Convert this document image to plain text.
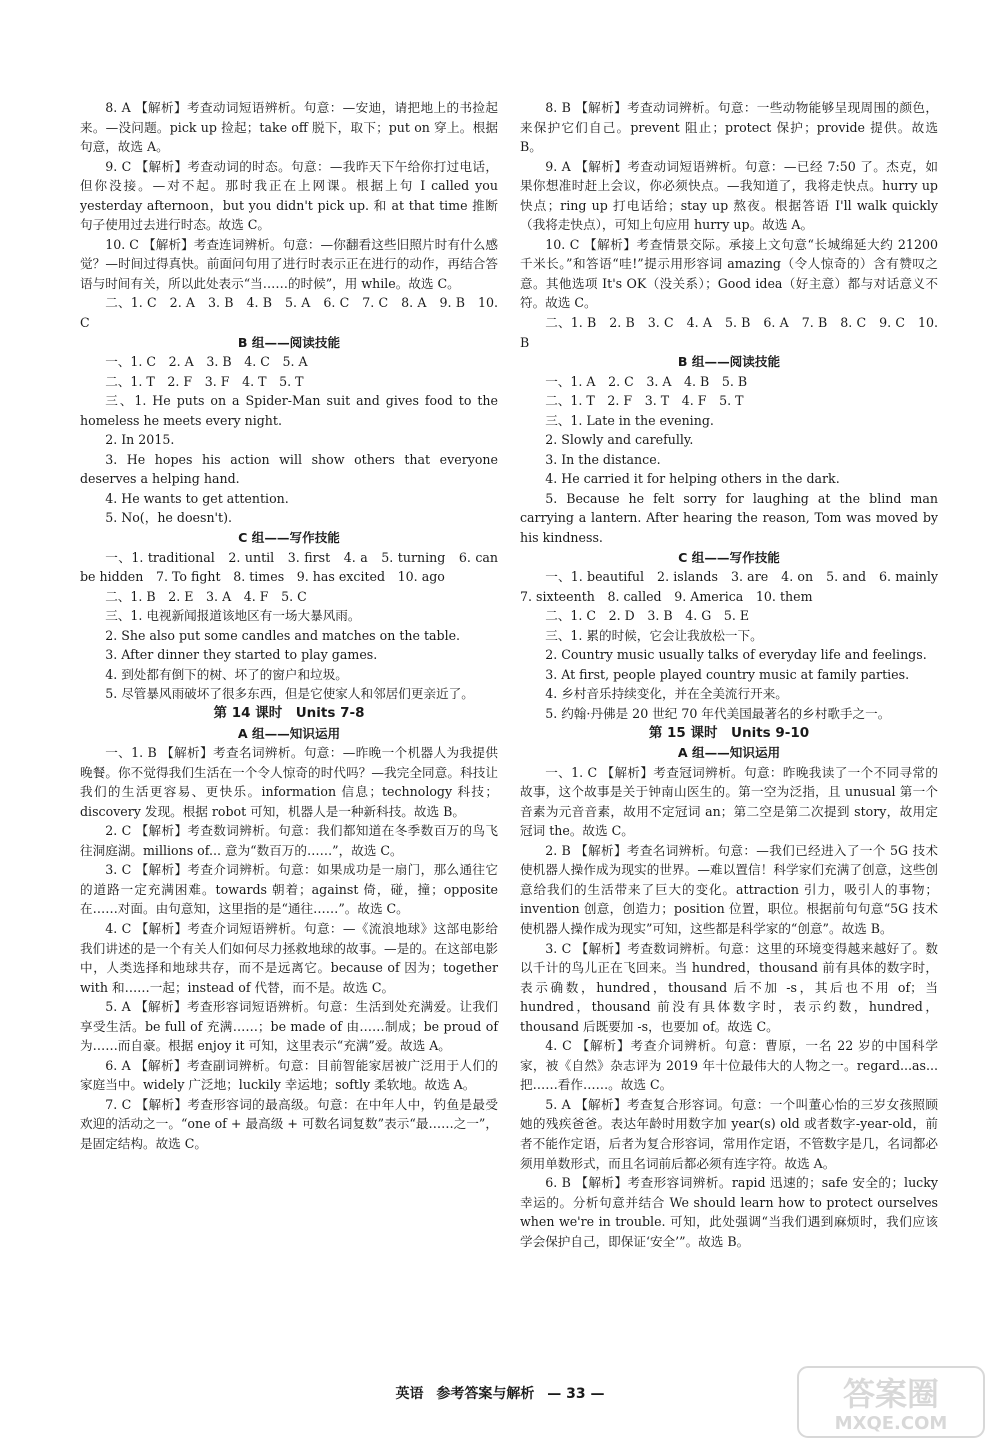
8. A 【解析】考查动词短语辨析。句意：—安迪，请把地上的书捡起来。—没问题。pick up 捡起；take off 脱下，取下；put on 穿上。根据句意，故选 A。

9. C 【解析】考查动词的时态。句意：—我昨天下午给你打过电话，但你没接。—对不起。那时我正在上网课。根据上句 I called you yesterday afternoon，but you didn't pick up. 和 at that time 推断句子使用过去进行时态。故选 C。

10. C 【解析】考查连词辨析。句意：—你翻看这些旧照片时有什么感觉？—时间过得真快。前面问句用了进行时表示正在进行的动作，再结合答语与时间有关，所以此处表示“当……的时候”，用 while。故选 C。

二、1. C　2. A　3. B　4. B　5. A　6. C　7. C　8. A　9. B　10. C

B 组——阅读技能

一、1. C　2. A　3. B　4. C　5. A

二、1. T　2. F　3. F　4. T　5. T

三、1. He puts on a Spider-Man suit and gives food to the homeless he meets every night.

2. In 2015.

3. He hopes his action will show others that everyone deserves a helping hand.

4. He wants to get attention.

5. No(，he doesn't).

C 组——写作技能

一、1. traditional　2. until　3. first　4. a　5. turning　6. can be hidden　7. To fight　8. times　9. has excited　10. ago

二、1. B　2. E　3. A　4. F　5. C

三、1. 电视新闻报道该地区有一场大暴风雨。

2. She also put some candles and matches on the table.

3. After dinner they started to play games.

4. 到处都有倒下的树、坏了的窗户和垃圾。

5. 尽管暴风雨破坏了很多东西，但是它使家人和邻居们更亲近了。

第 14 课时　Units 7-8

A 组——知识运用

一、1. B 【解析】考查名词辨析。句意：—昨晚一个机器人为我提供晚餐。你不觉得我们生活在一个令人惊奇的时代吗？—我完全同意。科技让我们的生活更容易、更快乐。information 信息；technology 科技；discovery 发现。根据 robot 可知，机器人是一种新科技。故选 B。

2. C 【解析】考查数词辨析。句意：我们都知道在冬季数百万的鸟飞往洞庭湖。millions of... 意为“数百万的……”，故选 C。

3. C 【解析】考查介词辨析。句意：如果成功是一扇门，那么通往它的道路一定充满困难。towards 朝着；against 倚，碰，撞；opposite 在……对面。由句意知，这里指的是“通往……”。故选 C。

4. C 【解析】考查介词短语辨析。句意：—《流浪地球》这部电影给我们讲述的是一个有关人们如何尽力拯救地球的故事。—是的。在这部电影中，人类选择和地球共存，而不是远离它。because of 因为；together with 和……一起；instead of 代替，而不是。故选 C。

5. A 【解析】考查形容词短语辨析。句意：生活到处充满爱。让我们享受生活。be full of 充满……；be made of 由……制成；be proud of 为……而自豪。根据 enjoy it 可知，这里表示“充满”爱。故选 A。

6. A 【解析】考查副词辨析。句意：目前智能家居被广泛用于人们的家庭当中。widely 广泛地；luckily 幸运地；softly 柔软地。故选 A。

7. C 【解析】考查形容词的最高级。句意：在中年人中，钓鱼是最受欢迎的活动之一。“one of + 最高级 + 可数名词复数”表示“最……之一”，是固定结构。故选 C。

8. B 【解析】考查动词辨析。句意：一些动物能够呈现周围的颜色，来保护它们自己。prevent 阻止；protect 保护；provide 提供。故选 B。

9. A 【解析】考查动词短语辨析。句意：—已经 7:50 了。杰克，如果你想准时赶上会议，你必须快点。—我知道了，我将走快点。hurry up 快点；ring up 打电话给；stay up 熬夜。根据答语 I'll walk quickly（我将走快点），可知上句应用 hurry up。故选 A。

10. C 【解析】考查情景交际。承接上文句意“长城绵延大约 21200 千米长。”和答语“哇!”提示用形容词 amazing（令人惊奇的）含有赞叹之意。其他选项 It's OK（没关系）；Good idea（好主意）都与对话意义不符。故选 C。

二、1. B　2. B　3. C　4. A　5. B　6. A　7. B　8. C　9. C　10. B

B 组——阅读技能

一、1. A　2. C　3. A　4. B　5. B

二、1. T　2. F　3. T　4. F　5. T

三、1. Late in the evening.

2. Slowly and carefully.

3. In the distance.

4. He carried it for helping others in the dark.

5. Because he felt sorry for laughing at the blind man carrying a lantern. After hearing the reason, Tom was moved by his kindness.

C 组——写作技能

一、1. beautiful　2. islands　3. are　4. on　5. and　6. mainly　7. sixteenth　8. called　9. America　10. them

二、1. C　2. D　3. B　4. G　5. E

三、1. 累的时候，它会让我放松一下。

2. Country music usually talks of everyday life and feelings.

3. At first, people played country music at family parties.

4. 乡村音乐持续变化，并在全美流行开来。

5. 约翰·丹佛是 20 世纪 70 年代美国最著名的乡村歌手之一。

第 15 课时　Units 9-10

A 组——知识运用

一、1. C 【解析】考查冠词辨析。句意：昨晚我读了一个不同寻常的故事，这个故事是关于钟南山医生的。第一空为泛指，且 unusual 第一个音素为元音音素，故用不定冠词 an；第二空是第二次提到 story，故用定冠词 the。故选 C。

2. B 【解析】考查名词辨析。句意：—我们已经进入了一个 5G 技术使机器人操作成为现实的世界。—难以置信！科学家们充满了创意，这些创意给我们的生活带来了巨大的变化。attraction 引力，吸引人的事物；invention 创意，创造力；position 位置，职位。根据前句句意“5G 技术使机器人操作成为现实”可知，这些都是科学家的“创意”。故选 B。

3. C 【解析】考查数词辨析。句意：这里的环境变得越来越好了。数以千计的鸟儿正在飞回来。当 hundred，thousand 前有具体的数字时，表示确数，hundred，thousand 后不加 -s，其后也不用 of；当 hundred，thousand 前没有具体数字时，表示约数，hundred，thousand 后既要加 -s，也要加 of。故选 C。

4. C 【解析】考查介词辨析。句意：曹原，一名 22 岁的中国科学家，被《自然》杂志评为 2019 年十位最伟大的人物之一。regard...as... 把……看作……。故选 C。

5. A 【解析】考查复合形容词。句意：一个叫董心怡的三岁女孩照顾她的残疾爸爸。表达年龄时用数字加 year(s) old 或者数字-year-old，前者不能作定语，后者为复合形容词，常用作定语，不管数字是几，名词都必须用单数形式，而且名词前后都必须有连字符。故选 A。

6. B 【解析】考查形容词辨析。rapid 迅速的；safe 安全的；lucky 幸运的。分析句意并结合 We should learn how to protect ourselves when we're in trouble. 可知，此处强调“当我们遇到麻烦时，我们应该学会保护自己，即保证‘安全’”。故选 B。

英语 参考答案与解析 — 33 —	答案圈
MXQE.COM
